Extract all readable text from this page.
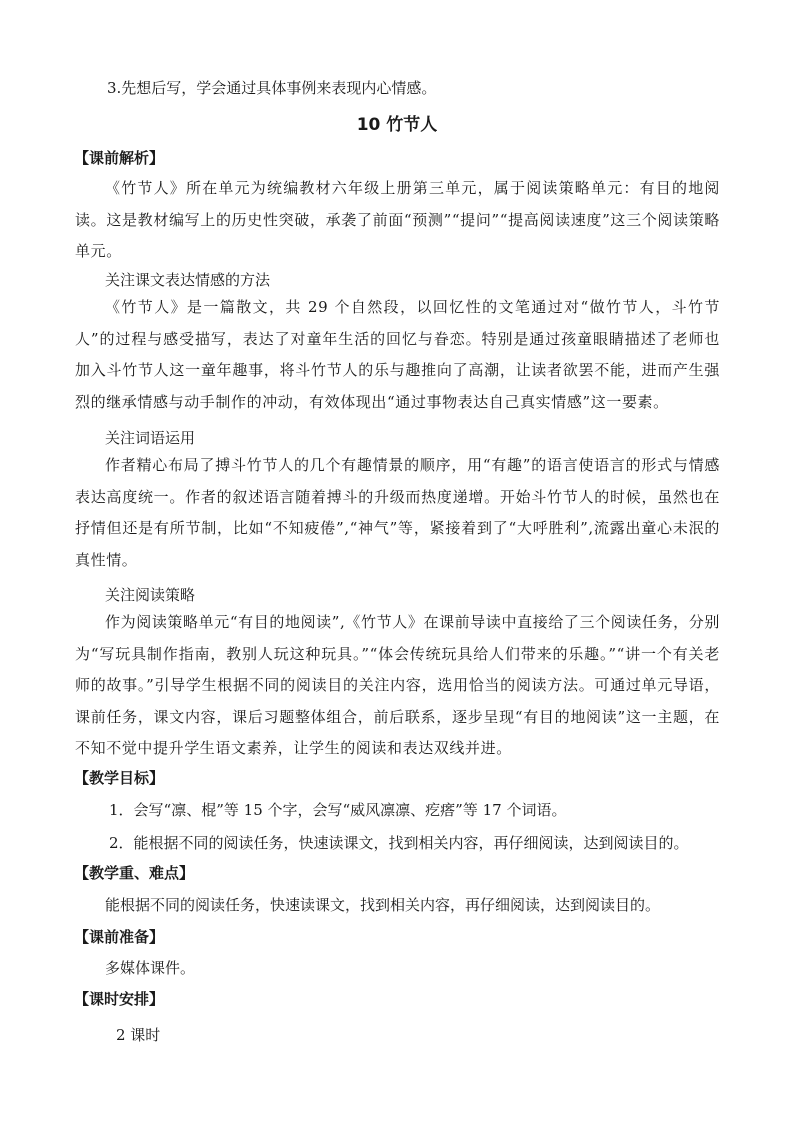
3.先想后写，学会通过具体事例来表现内心情感。
10 竹节人
【课前解析】

《竹节人》所在单元为统编教材六年级上册第三单元，属于阅读策略单元：有目的地阅读。这是教材编写上的历史性突破，承袭了前面“预测”“提问”“提高阅读速度”这三个阅读策略单元。

关注课文表达情感的方法

《竹节人》是一篇散文，共 29 个自然段，以回忆性的文笔通过对“做竹节人，斗竹节人”的过程与感受描写，表达了对童年生活的回忆与眷恋。特别是通过孩童眼睛描述了老师也加入斗竹节人这一童年趣事，将斗竹节人的乐与趣推向了高潮，让读者欲罢不能，进而产生强烈的继承情感与动手制作的冲动，有效体现出“通过事物表达自己真实情感”这一要素。

关注词语运用

作者精心布局了搏斗竹节人的几个有趣情景的顺序，用“有趣”的语言使语言的形式与情感表达高度统一。作者的叙述语言随着搏斗的升级而热度递增。开始斗竹节人的时候，虽然也在抒情但还是有所节制，比如“不知疲倦”,“神气”等，紧接着到了“大呼胜利”,流露出童心未泯的真性情。

关注阅读策略

作为阅读策略单元“有目的地阅读”,《竹节人》在课前导读中直接给了三个阅读任务，分别为“写玩具制作指南，教别人玩这种玩具。”“体会传统玩具给人们带来的乐趣。”“讲一个有关老师的故事。”引导学生根据不同的阅读目的关注内容，选用恰当的阅读方法。可通过单元导语，课前任务，课文内容，课后习题整体组合，前后联系，逐步呈现“有目的地阅读”这一主题，在不知不觉中提升学生语文素养，让学生的阅读和表达双线并进。

【教学目标】
1．会写“凛、棍”等 15 个字，会写“威风凛凛、疙瘩”等 17 个词语。
2．能根据不同的阅读任务，快速读课文，找到相关内容，再仔细阅读，达到阅读目的。
【教学重、难点】
能根据不同的阅读任务，快速读课文，找到相关内容，再仔细阅读，达到阅读目的。
【课前准备】
多媒体课件。
【课时安排】
2 课时
